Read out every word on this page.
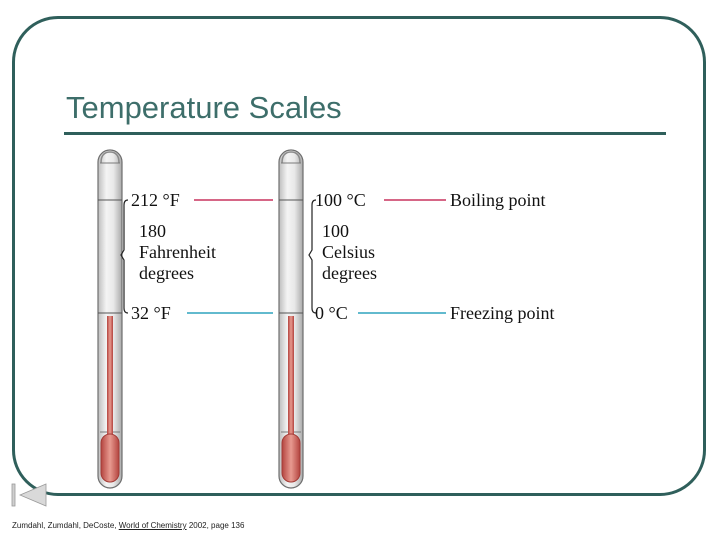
Temperature Scales
212 °F
180
Fahrenheit
degrees
32 °F
100 °C
100
Celsius
degrees
0 °C
Boiling point
Freezing point
Zumdahl, Zumdahl, DeCoste, World of Chemistry 2002, page 136
